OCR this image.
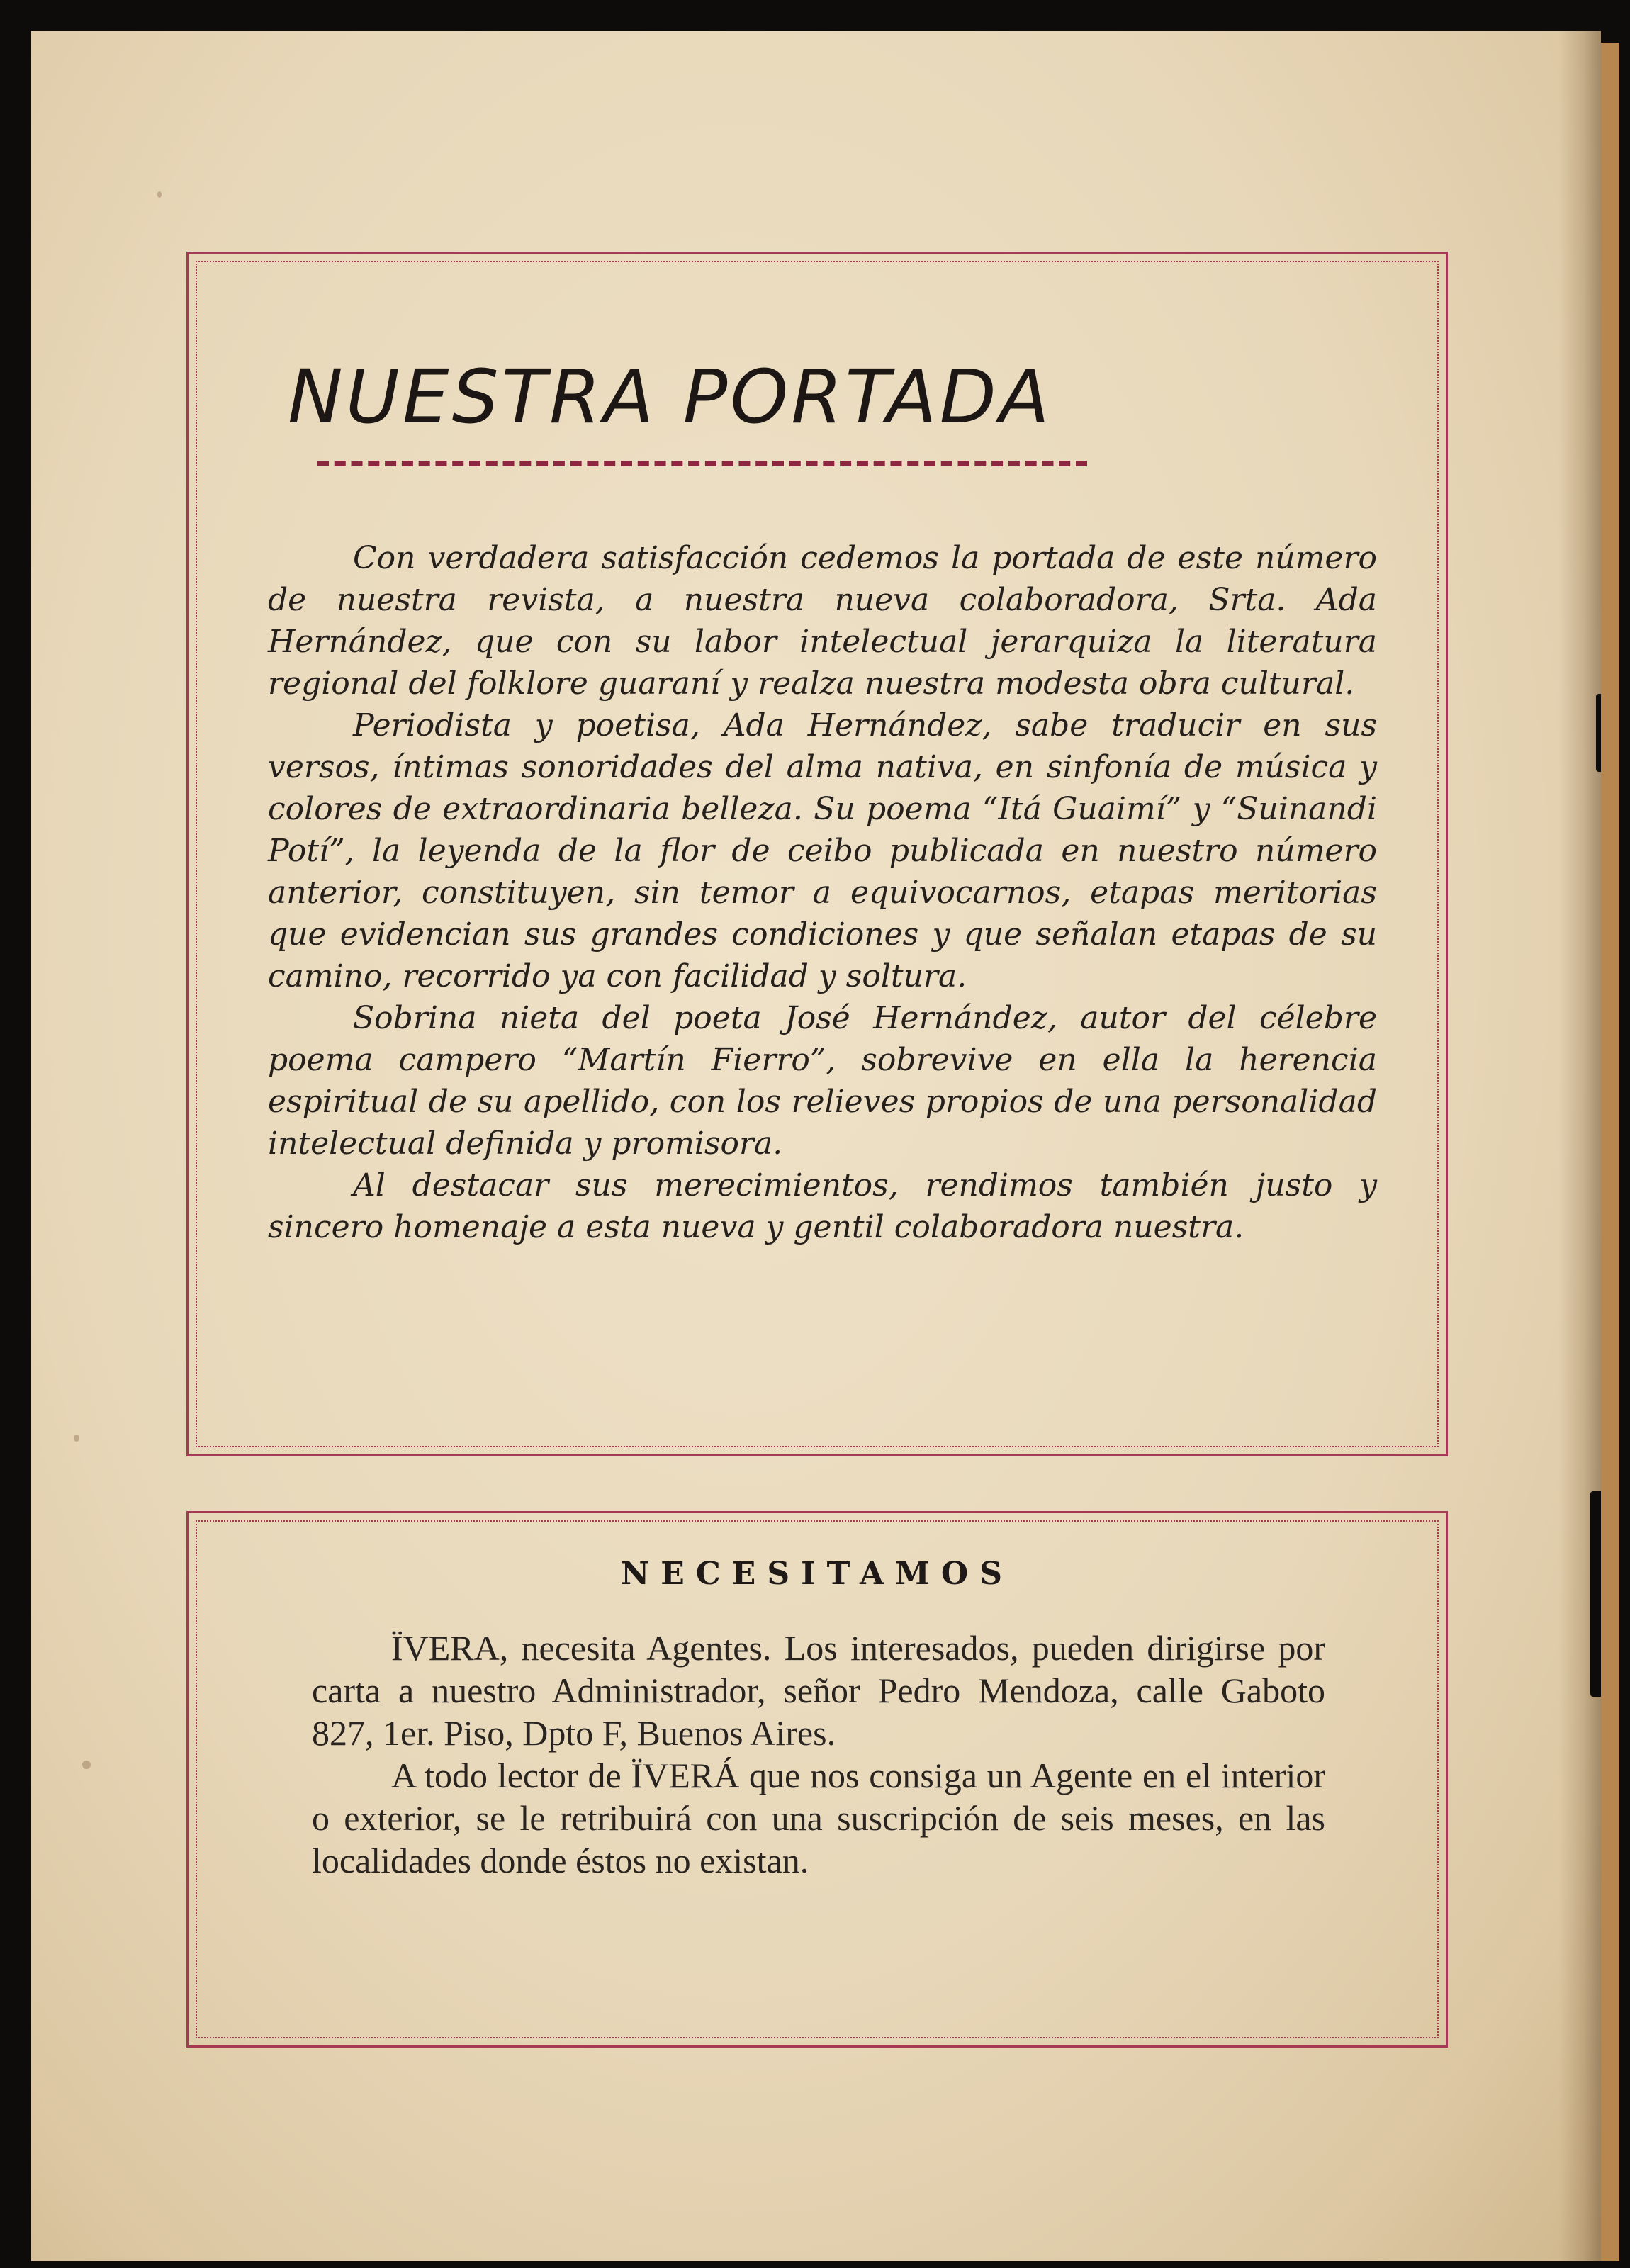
NUESTRA PORTADA

Con verdadera satisfacción cedemos la portada de este número de nuestra revista, a nuestra nueva colaboradora, Srta. Ada Hernández, que con su labor intelectual jerarquiza la literatura regional del folklore guaraní y realza nuestra modesta obra cultural.

Periodista y poetisa, Ada Hernández, sabe traducir en sus versos, íntimas sonoridades del alma nativa, en sinfonía de música y colores de extraordinaria belleza. Su poema “Itá Guaimí” y “Suinandi Potí”, la leyenda de la flor de ceibo publicada en nuestro número anterior, constituyen, sin temor a equivocarnos, etapas meritorias que evidencian sus grandes condiciones y que señalan etapas de su camino, recorrido ya con facilidad y soltura.

Sobrina nieta del poeta José Hernández, autor del célebre poema campero “Martín Fierro”, sobrevive en ella la herencia espiritual de su apellido, con los relieves propios de una personalidad intelectual definida y promisora.

Al destacar sus merecimientos, rendimos también justo y sincero homenaje a esta nueva y gentil colaboradora nuestra.

NECESITAMOS

ÏVERA, necesita Agentes. Los interesados, pueden dirigirse por carta a nuestro Administrador, señor Pedro Mendoza, calle Gaboto 827, 1er. Piso, Dpto F, Buenos Aires.

A todo lector de ÏVERÁ que nos consiga un Agente en el interior o exterior, se le retribuirá con una suscripción de seis meses, en las localidades donde éstos no existan.
